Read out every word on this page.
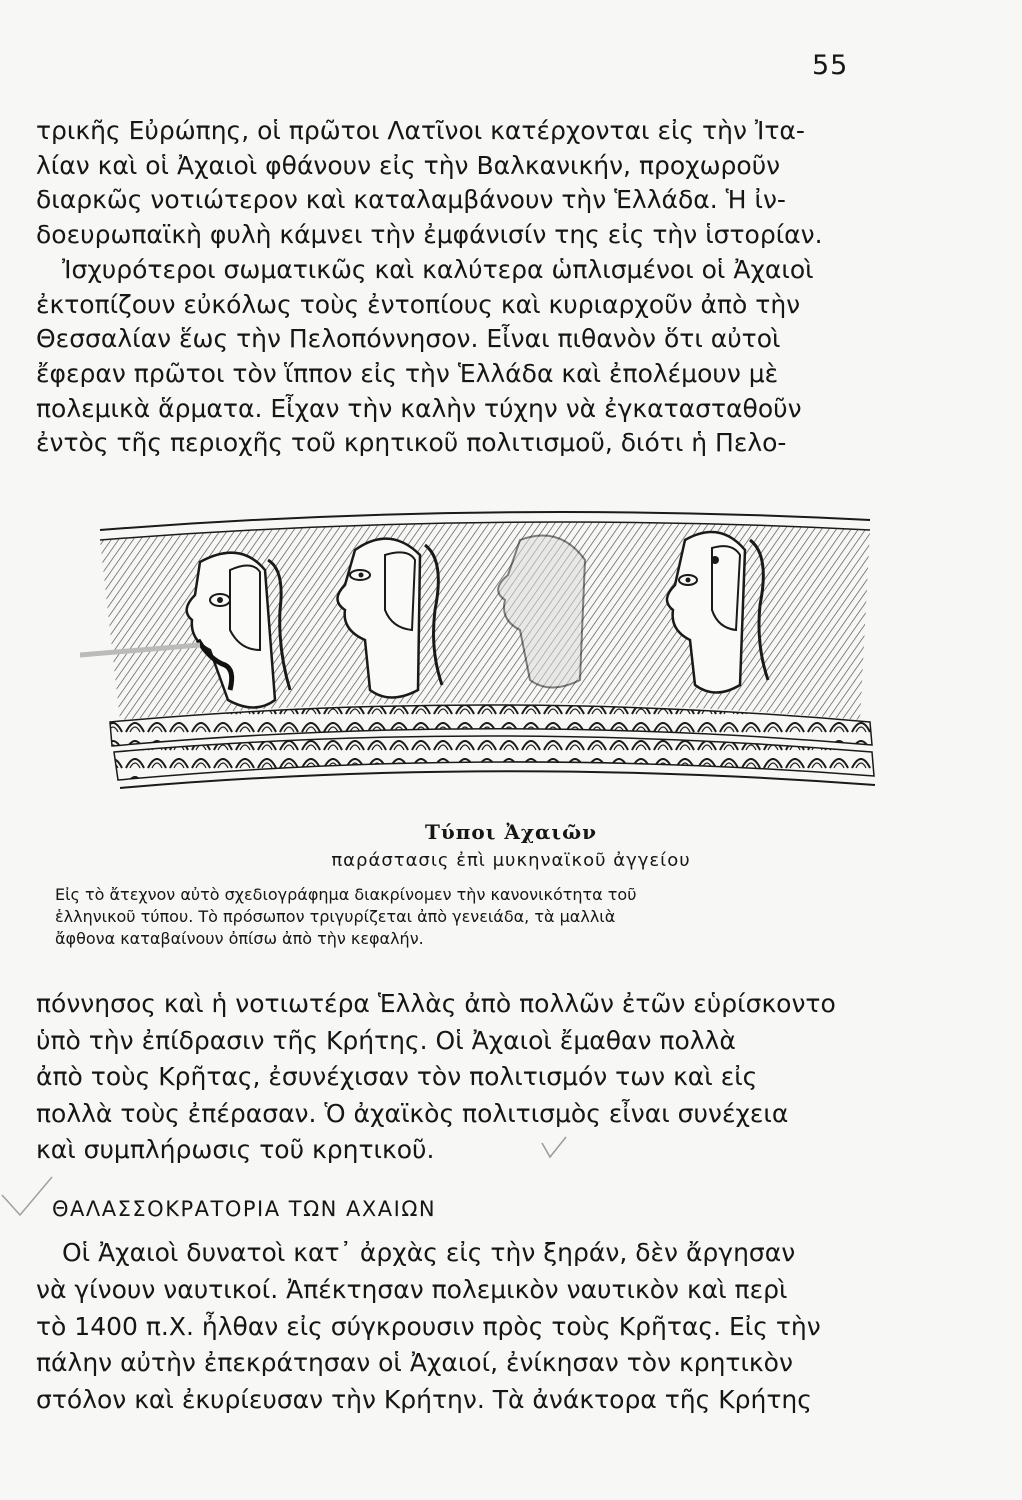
55
τρικῆς Εὐρώπης, οἱ πρῶτοι Λατῖνοι κατέρχονται εἰς τὴν Ἰτα-
λίαν καὶ οἱ Ἀχαιοὶ φθάνουν εἰς τὴν Βαλκανικήν, προχωροῦν
διαρκῶς νοτιώτερον καὶ καταλαμβάνουν τὴν Ἑλλάδα. Ἡ ἰν-
δοευρωπαϊκὴ φυλὴ κάμνει τὴν ἐμφάνισίν της εἰς τὴν ἱστορίαν.
Ἰσχυρότεροι σωματικῶς καὶ καλύτερα ὡπλισμένοι οἱ Ἀχαιοὶ
ἐκτοπίζουν εὐκόλως τοὺς ἐντοπίους καὶ κυριαρχοῦν ἀπὸ τὴν
Θεσσαλίαν ἕως τὴν Πελοπόννησον. Εἶναι πιθανὸν ὅτι αὐτοὶ
ἔφεραν πρῶτοι τὸν ἵππον εἰς τὴν Ἑλλάδα καὶ ἐπολέμουν μὲ
πολεμικὰ ἅρματα. Εἶχαν τὴν καλὴν τύχην νὰ ἐγκατασταθοῦν
ἐντὸς τῆς περιοχῆς τοῦ κρητικοῦ πολιτισμοῦ, διότι ἡ Πελο-
Τύποι Ἀχαιῶν
παράστασις ἐπὶ μυκηναϊκοῦ ἀγγείου
Εἰς τὸ ἄτεχνον αὐτὸ σχεδιογράφημα διακρίνομεν τὴν κανονικότητα τοῦ
ἑλληνικοῦ τύπου. Τὸ πρόσωπον τριγυρίζεται ἀπὸ γενειάδα, τὰ μαλλιὰ
ἄφθονα καταβαίνουν ὀπίσω ἀπὸ τὴν κεφαλήν.
πόννησος καὶ ἡ νοτιωτέρα Ἑλλὰς ἀπὸ πολλῶν ἐτῶν εὑρίσκοντο
ὑπὸ τὴν ἐπίδρασιν τῆς Κρήτης. Οἱ Ἀχαιοὶ ἔμαθαν πολλὰ
ἀπὸ τοὺς Κρῆτας, ἐσυνέχισαν τὸν πολιτισμόν των καὶ εἰς
πολλὰ τοὺς ἐπέρασαν. Ὁ ἀχαϊκὸς πολιτισμὸς εἶναι συνέχεια
καὶ συμπλήρωσις τοῦ κρητικοῦ.
ΘΑΛΑΣΣΟΚΡΑΤΟΡΙΑ ΤΩΝ ΑΧΑΙΩΝ
Οἱ Ἀχαιοὶ δυνατοὶ κατ᾽ ἀρχὰς εἰς τὴν ξηράν, δὲν ἄργησαν
νὰ γίνουν ναυτικοί. Ἀπέκτησαν πολεμικὸν ναυτικὸν καὶ περὶ
τὸ 1400 π.Χ. ἦλθαν εἰς σύγκρουσιν πρὸς τοὺς Κρῆτας. Εἰς τὴν
πάλην αὐτὴν ἐπεκράτησαν οἱ Ἀχαιοί, ἐνίκησαν τὸν κρητικὸν
στόλον καὶ ἐκυρίευσαν τὴν Κρήτην. Τὰ ἀνάκτορα τῆς Κρήτης
